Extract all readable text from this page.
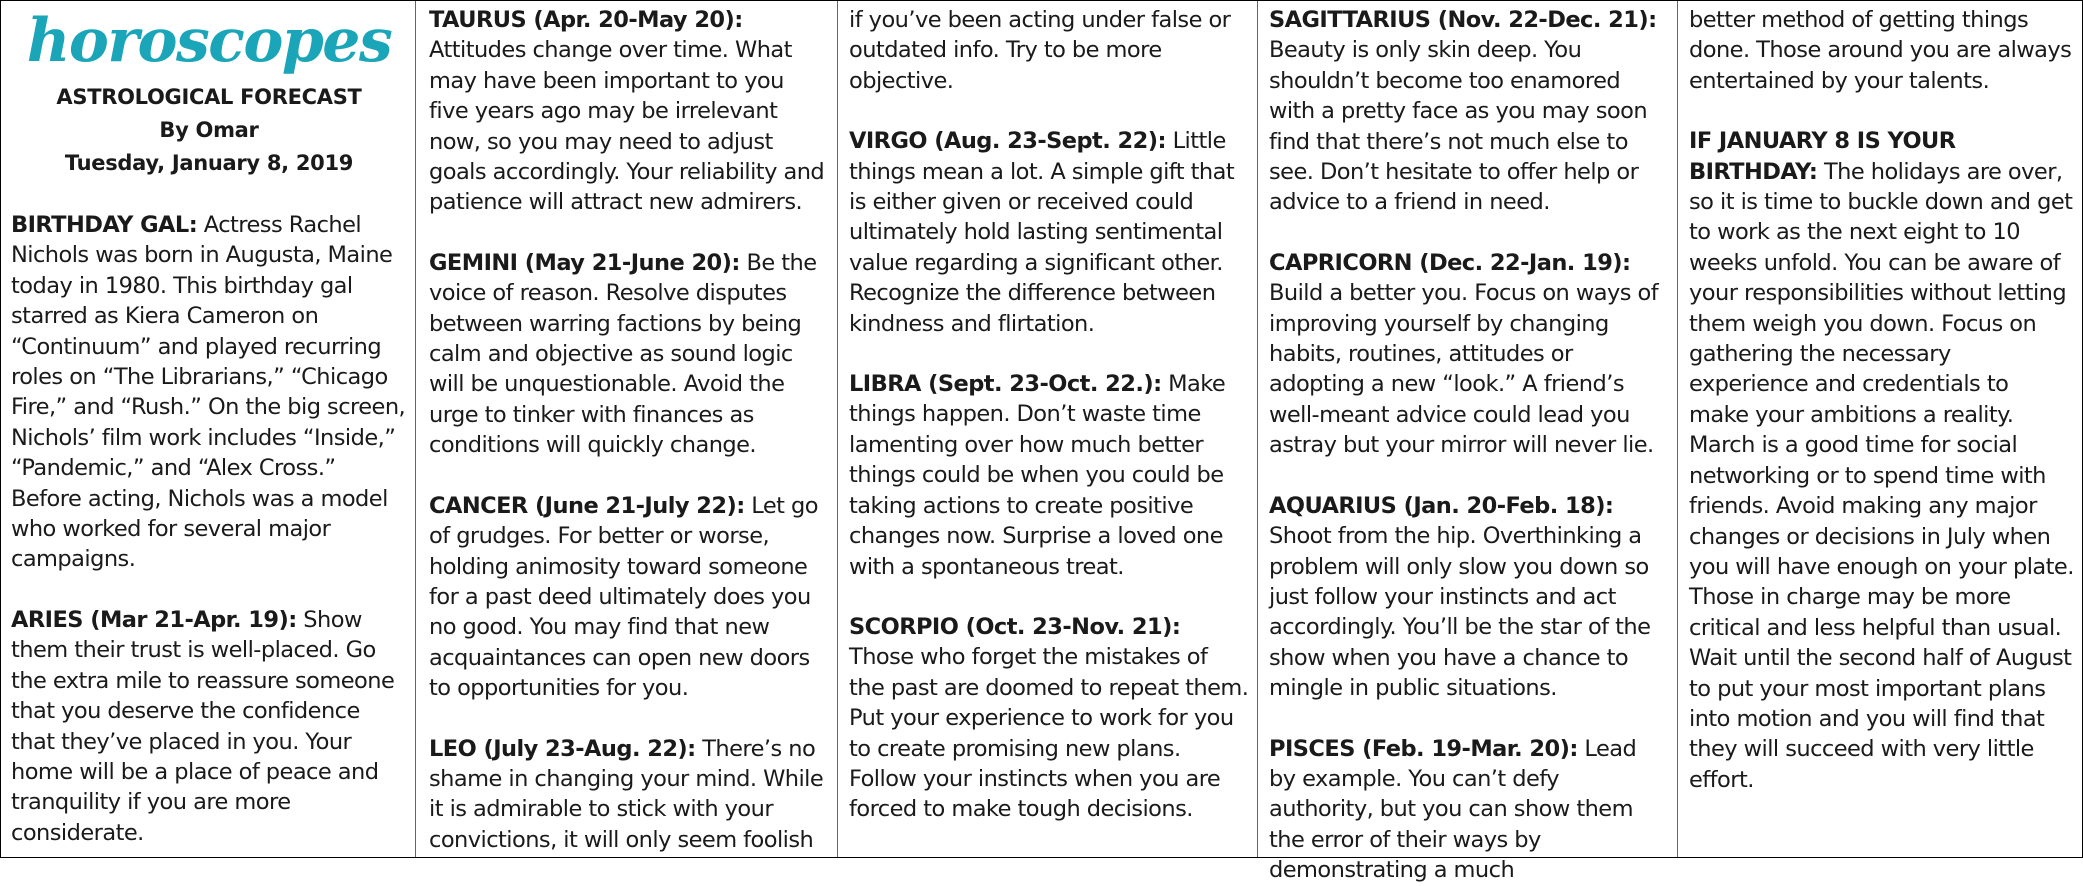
horoscopes
ASTROLOGICAL FORECAST
By Omar
Tuesday, January 8, 2019

BIRTHDAY GAL: Actress Rachel Nichols was born in Augusta, Maine today in 1980. This birthday gal starred as Kiera Cameron on “Continuum” and played recurring roles on “The Librarians,” “Chicago Fire,” and “Rush.” On the big screen, Nichols’ film work includes “Inside,” “Pandemic,” and “Alex Cross.” Before acting, Nichols was a model who worked for several major campaigns.

ARIES (Mar 21-Apr. 19): Show them their trust is well-placed. Go the extra mile to reassure someone that you deserve the confidence that they’ve placed in you. Your home will be a place of peace and tranquility if you are more considerate.

TAURUS (Apr. 20-May 20): Attitudes change over time. What may have been important to you five years ago may be irrelevant now, so you may need to adjust goals accordingly. Your reliability and patience will attract new admirers.

GEMINI (May 21-June 20): Be the voice of reason. Resolve disputes between warring factions by being calm and objective as sound logic will be unquestionable. Avoid the urge to tinker with finances as conditions will quickly change.

CANCER (June 21-July 22): Let go of grudges. For better or worse, holding animosity toward someone for a past deed ultimately does you no good. You may find that new acquaintances can open new doors to opportunities for you.

LEO (July 23-Aug. 22): There’s no shame in changing your mind. While it is admirable to stick with your convictions, it will only seem foolish

if you’ve been acting under false or outdated info. Try to be more objective.

VIRGO (Aug. 23-Sept. 22): Little things mean a lot. A simple gift that is either given or received could ultimately hold lasting sentimental value regarding a significant other. Recognize the difference between kindness and flirtation.

LIBRA (Sept. 23-Oct. 22.): Make things happen. Don’t waste time lamenting over how much better things could be when you could be taking actions to create positive changes now. Surprise a loved one with a spontaneous treat.

SCORPIO (Oct. 23-Nov. 21): Those who forget the mistakes of the past are doomed to repeat them. Put your experience to work for you to create promising new plans. Follow your instincts when you are forced to make tough decisions.

SAGITTARIUS (Nov. 22-Dec. 21): Beauty is only skin deep. You shouldn’t become too enamored with a pretty face as you may soon find that there’s not much else to see. Don’t hesitate to offer help or advice to a friend in need.

CAPRICORN (Dec. 22-Jan. 19): Build a better you. Focus on ways of improving yourself by changing habits, routines, attitudes or adopting a new “look.” A friend’s well-meant advice could lead you astray but your mirror will never lie.

AQUARIUS (Jan. 20-Feb. 18): Shoot from the hip. Overthinking a problem will only slow you down so just follow your instincts and act accordingly. You’ll be the star of the show when you have a chance to mingle in public situations.

PISCES (Feb. 19-Mar. 20): Lead by example. You can’t defy authority, but you can show them the error of their ways by demonstrating a much

better method of getting things done. Those around you are always entertained by your talents.

IF JANUARY 8 IS YOUR BIRTHDAY: The holidays are over, so it is time to buckle down and get to work as the next eight to 10 weeks unfold. You can be aware of your responsibilities without letting them weigh you down. Focus on gathering the necessary experience and credentials to make your ambitions a reality. March is a good time for social networking or to spend time with friends. Avoid making any major changes or decisions in July when you will have enough on your plate. Those in charge may be more critical and less helpful than usual. Wait until the second half of August to put your most important plans into motion and you will find that they will succeed with very little effort.
